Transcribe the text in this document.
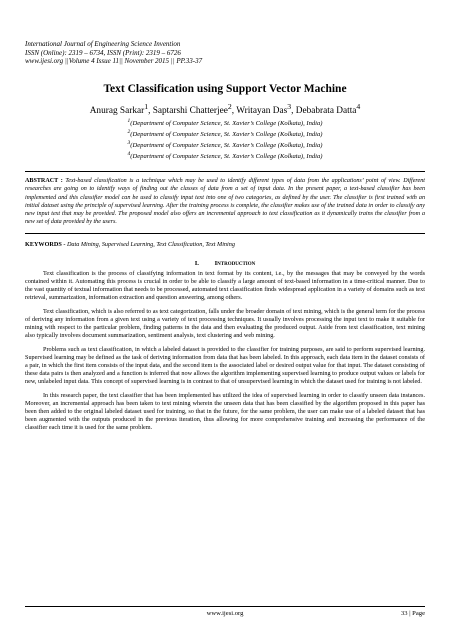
International Journal of Engineering Science Invention
ISSN (Online): 2319 – 6734, ISSN (Print): 2319 – 6726
www.ijesi.org ||Volume 4 Issue 11|| November 2015 || PP.33-37
Text Classification using Support Vector Machine
Anurag Sarkar$^1$, Saptarshi Chatterjee$^2$, Writayan Das$^3$, Debabrata Datta$^4$
$^1$(Department of Computer Science, St. Xavier’s College (Kolkata), India)
$^2$(Department of Computer Science, St. Xavier’s College (Kolkata), India)
$^3$(Department of Computer Science, St. Xavier’s College (Kolkata), India)
$^4$(Department of Computer Science, St. Xavier’s College (Kolkata), India)
ABSTRACT : Text-based classification is a technique which may be used to identify different types of data from the applications’ point of view. Different researches are going on to identify ways of finding out the classes of data from a set of input data. In the present paper, a text-based classifier has been implemented and this classifier model can be used to classify input text into one of two categories, as defined by the user. The classifier is first trained with an initial dataset using the principle of supervised learning. After the training process is complete, the classifier makes use of the trained data in order to classify any new input text that may be provided. The proposed model also offers an incremental approach to text classification as it dynamically trains the classifier from a new set of data provided by the users.
KEYWORDS - Data Mining, Supervised Learning, Text Classification, Text Mining
I. Introduction

Text classification is the process of classifying information in text format by its content, i.e., by the messages that may be conveyed by the words contained within it. Automating this process is crucial in order to be able to classify a large amount of text-based information in a time-critical manner. Due to the vast quantity of textual information that needs to be processed, automated text classification finds widespread application in a variety of domains such as text retrieval, summarization, information extraction and question answering, among others.

Text classification, which is also referred to as text categorization, falls under the broader domain of text mining, which is the general term for the process of deriving any information from a given text using a variety of text processing techniques. It usually involves processing the input text to make it suitable for mining with respect to the particular problem, finding patterns in the data and then evaluating the produced output. Aside from text classification, text mining also typically involves document summarization, sentiment analysis, text clustering and web mining.

Problems such as text classification, in which a labeled dataset is provided to the classifier for training purposes, are said to perform supervised learning. Supervised learning may be defined as the task of deriving information from data that has been labeled. In this approach, each data item in the dataset consists of a pair, in which the first item consists of the input data, and the second item is the associated label or desired output value for that input. The dataset consisting of these data pairs is then analyzed and a function is inferred that now allows the algorithm implementing supervised learning to produce output values or labels for new, unlabeled input data. This concept of supervised learning is in contrast to that of unsupervised learning in which the dataset used for training is not labeled.

In this research paper, the text classifier that has been implemented has utilized the idea of supervised learning in order to classify unseen data instances. Moreover, an incremental approach has been taken to text mining wherein the unseen data that has been classified by the algorithm proposed in this paper has been then added to the original labeled dataset used for training, so that in the future, for the same problem, the user can make use of a labeled dataset that has been augmented with the outputs produced in the previous iteration, thus allowing for more comprehensive training and increasing the performance of the classifier each time it is used for the same problem.

www.ijesi.org	33 | Page
